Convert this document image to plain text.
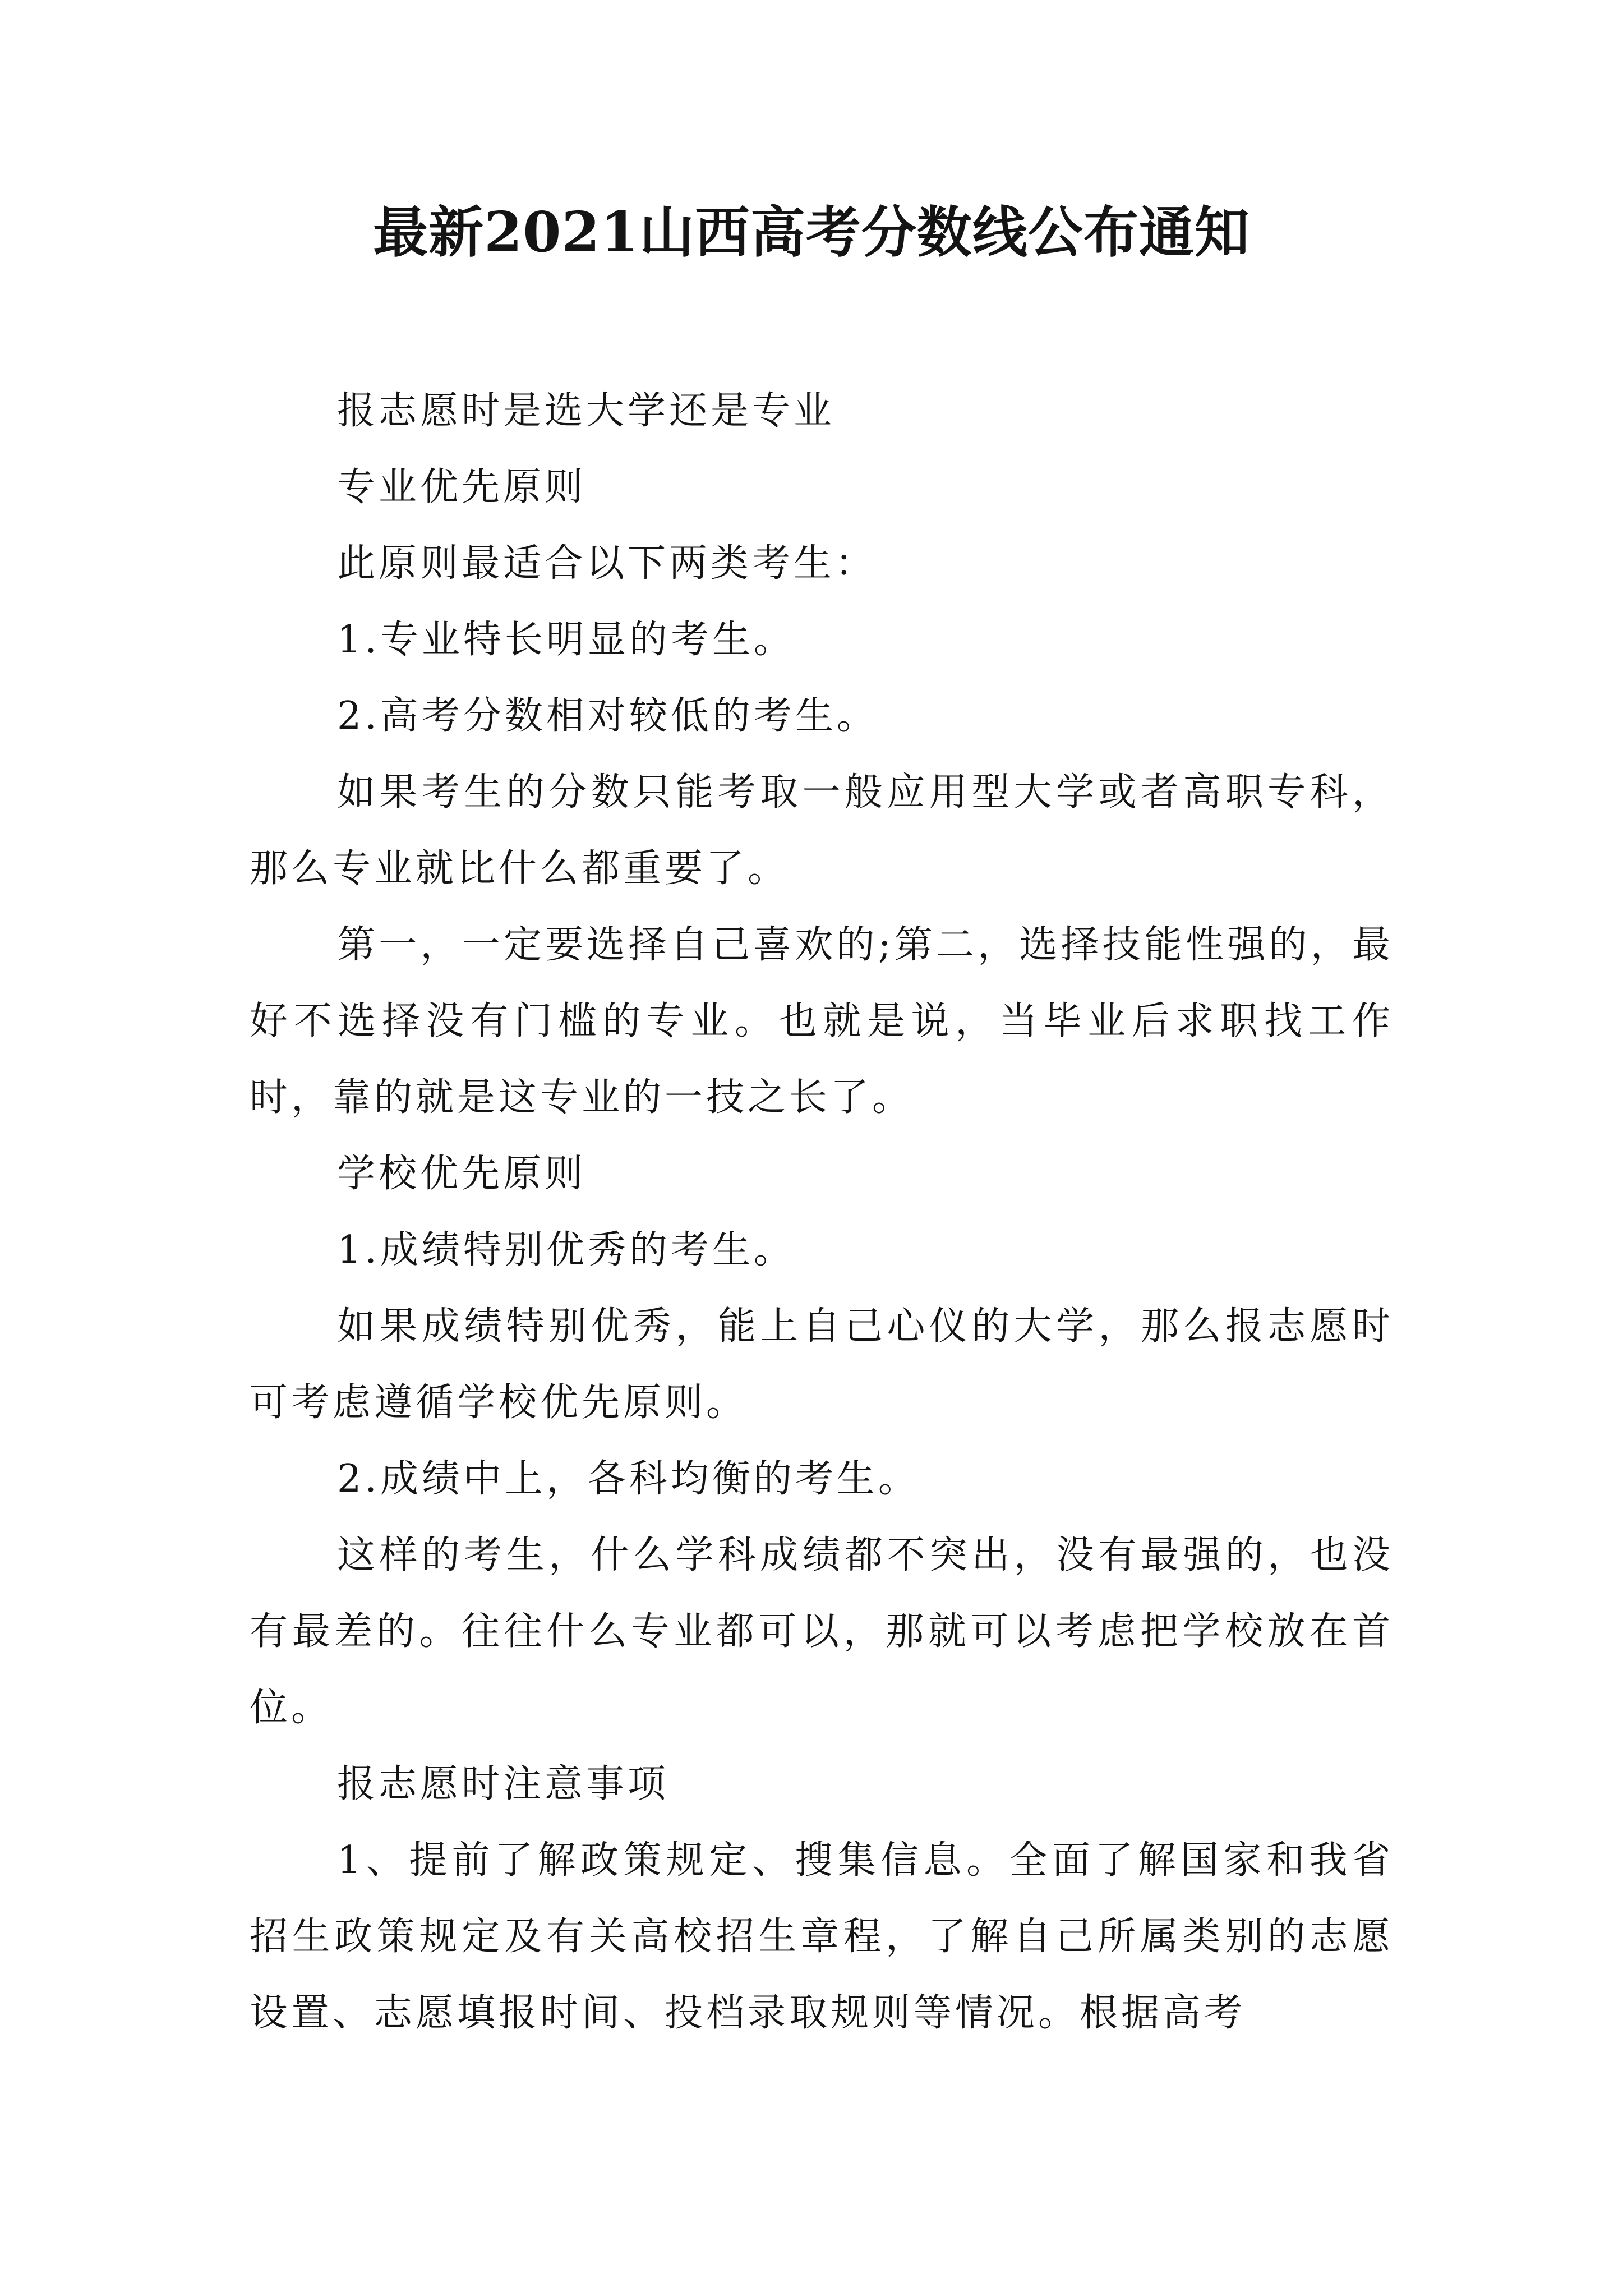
最新2021山西高考分数线公布通知

报志愿时是选大学还是专业

专业优先原则

此原则最适合以下两类考生：

1.专业特长明显的考生。

2.高考分数相对较低的考生。

如果考生的分数只能考取一般应用型大学或者高职专科，那么专业就比什么都重要了。

第一，一定要选择自己喜欢的;第二，选择技能性强的，最好不选择没有门槛的专业。也就是说，当毕业后求职找工作时，靠的就是这专业的一技之长了。

学校优先原则

1.成绩特别优秀的考生。

如果成绩特别优秀，能上自己心仪的大学，那么报志愿时可考虑遵循学校优先原则。

2.成绩中上，各科均衡的考生。

这样的考生，什么学科成绩都不突出，没有最强的，也没有最差的。往往什么专业都可以，那就可以考虑把学校放在首位。

报志愿时注意事项

1、提前了解政策规定、搜集信息。全面了解国家和我省招生政策规定及有关高校招生章程，了解自己所属类别的志愿设置、志愿填报时间、投档录取规则等情况。根据高考
